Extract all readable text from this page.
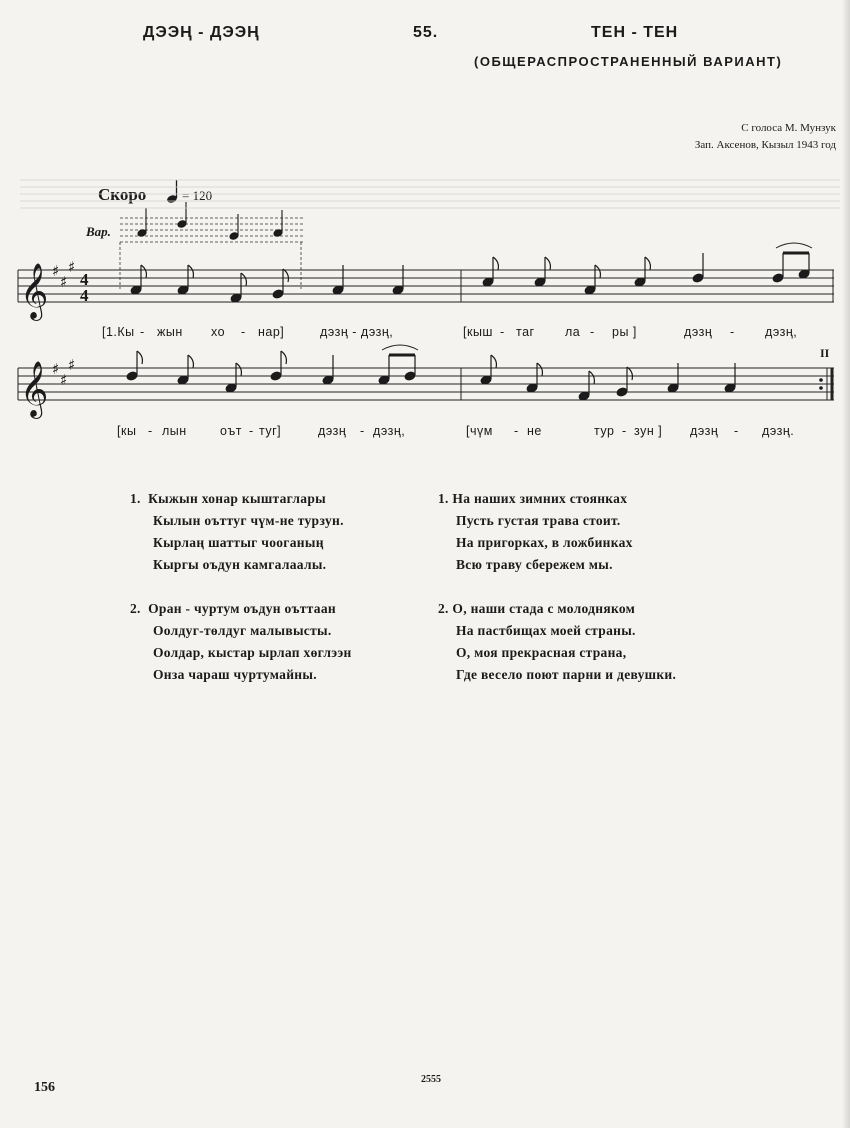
ДЭЭҢ - ДЭЭҢ	55.	ТЕН - ТЕН
(ОБЩЕРАСПРОСТРАНЕННЫЙ ВАРИАНТ)
С голоса М. Мунзук
Зап. Аксенов, Кызыл 1943 год
Скоро	= 120
Вар.
𝄞 ♯
♯
♯
4
4
[1.Кы - жын хо - нар]	дэзң - дэзң,	[кыш - таг ла - ры ]	дэзң - дэзң,
II
𝄞 ♯
♯
♯
[кы - лын	оът - туг]	дэзң - дэзң,	[чүм - не	тур - зун ] дэзң - дэзң.
1. Кыжын хонар кыштаглары
Кылын оъттуг чүм-не турзун.
Кырлаң шаттыг чооганың
Кыргы оъдун камгалаалы.
2. Оран - чуртум оъдун оъттаан
Оолдуг-төлдуг малывысты.
Оолдар, кыстар ырлап хөглээн
Онза чараш чуртумайны.
1. На наших зимних стоянках
Пусть густая трава стоит.
На пригорках, в ложбинках
Всю траву сбережем мы.
2. О, наши стада с молодняком
На пастбищах моей страны.
О, моя прекрасная страна,
Где весело поют парни и девушки.
156
2555
